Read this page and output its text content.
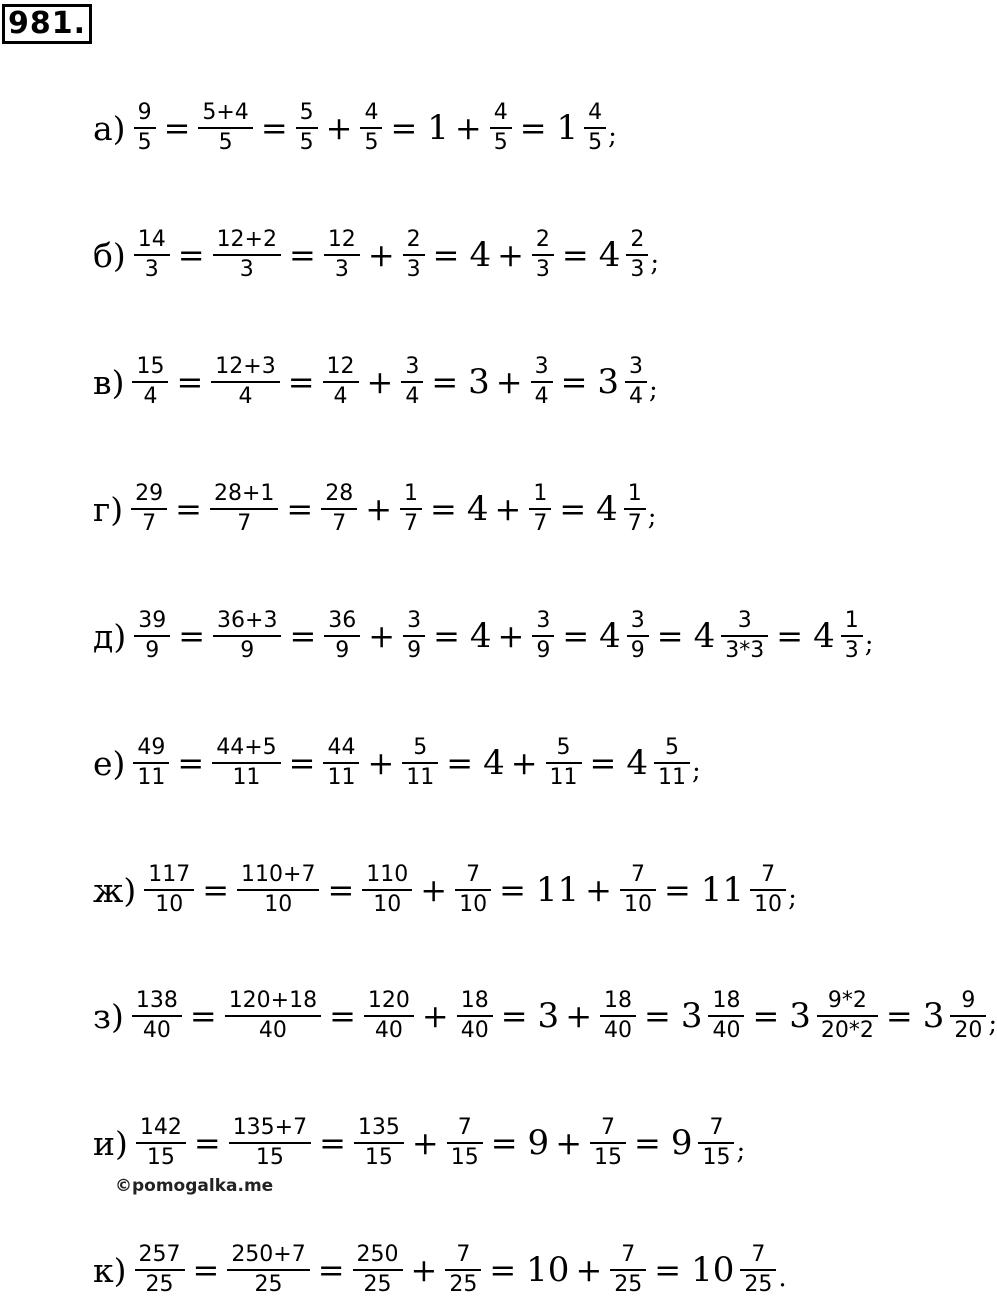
981.
$а) \frac{9}{5} = \frac{5+4}{5} = \frac{5}{5} + \frac{4}{5} = 1 + \frac{4}{5} = 1 \frac{4}{5}$ ;
$б) \frac{14}{3} = \frac{12+2}{3} = \frac{12}{3} + \frac{2}{3} = 4 + \frac{2}{3} = 4 \frac{2}{3}$ ;
$в) \frac{15}{4} = \frac{12+3}{4} = \frac{12}{4} + \frac{3}{4} = 3 + \frac{3}{4} = 3 \frac{3}{4}$ ;
$г) \frac{29}{7} = \frac{28+1}{7} = \frac{28}{7} + \frac{1}{7} = 4 + \frac{1}{7} = 4 \frac{1}{7}$ ;
$д) \frac{39}{9} = \frac{36+3}{9} = \frac{36}{9} + \frac{3}{9} = 4 + \frac{3}{9} = 4 \frac{3}{9} = 4 \frac{3}{3*3} = 4 \frac{1}{3}$ ;
$е) \frac{49}{11} = \frac{44+5}{11} = \frac{44}{11} + \frac{5}{11} = 4 + \frac{5}{11} = 4 \frac{5}{11}$ ;
$ж) \frac{117}{10} = \frac{110+7}{10} = \frac{110}{10} + \frac{7}{10} = 11 + \frac{7}{10} = 11 \frac{7}{10}$ ;
$з) \frac{138}{40} = \frac{120+18}{40} = \frac{120}{40} + \frac{18}{40} = 3 + \frac{18}{40} = 3 \frac{18}{40} = 3 \frac{9*2}{20*2} = 3 \frac{9}{20}$ ;
$и) \frac{142}{15} = \frac{135+7}{15} = \frac{135}{15} + \frac{7}{15} = 9 + \frac{7}{15} = 9 \frac{7}{15}$ ;
$к) \frac{257}{25} = \frac{250+7}{25} = \frac{250}{25} + \frac{7}{25} = 10 + \frac{7}{25} = 10 \frac{7}{25}$ .
©pomogalka.me
